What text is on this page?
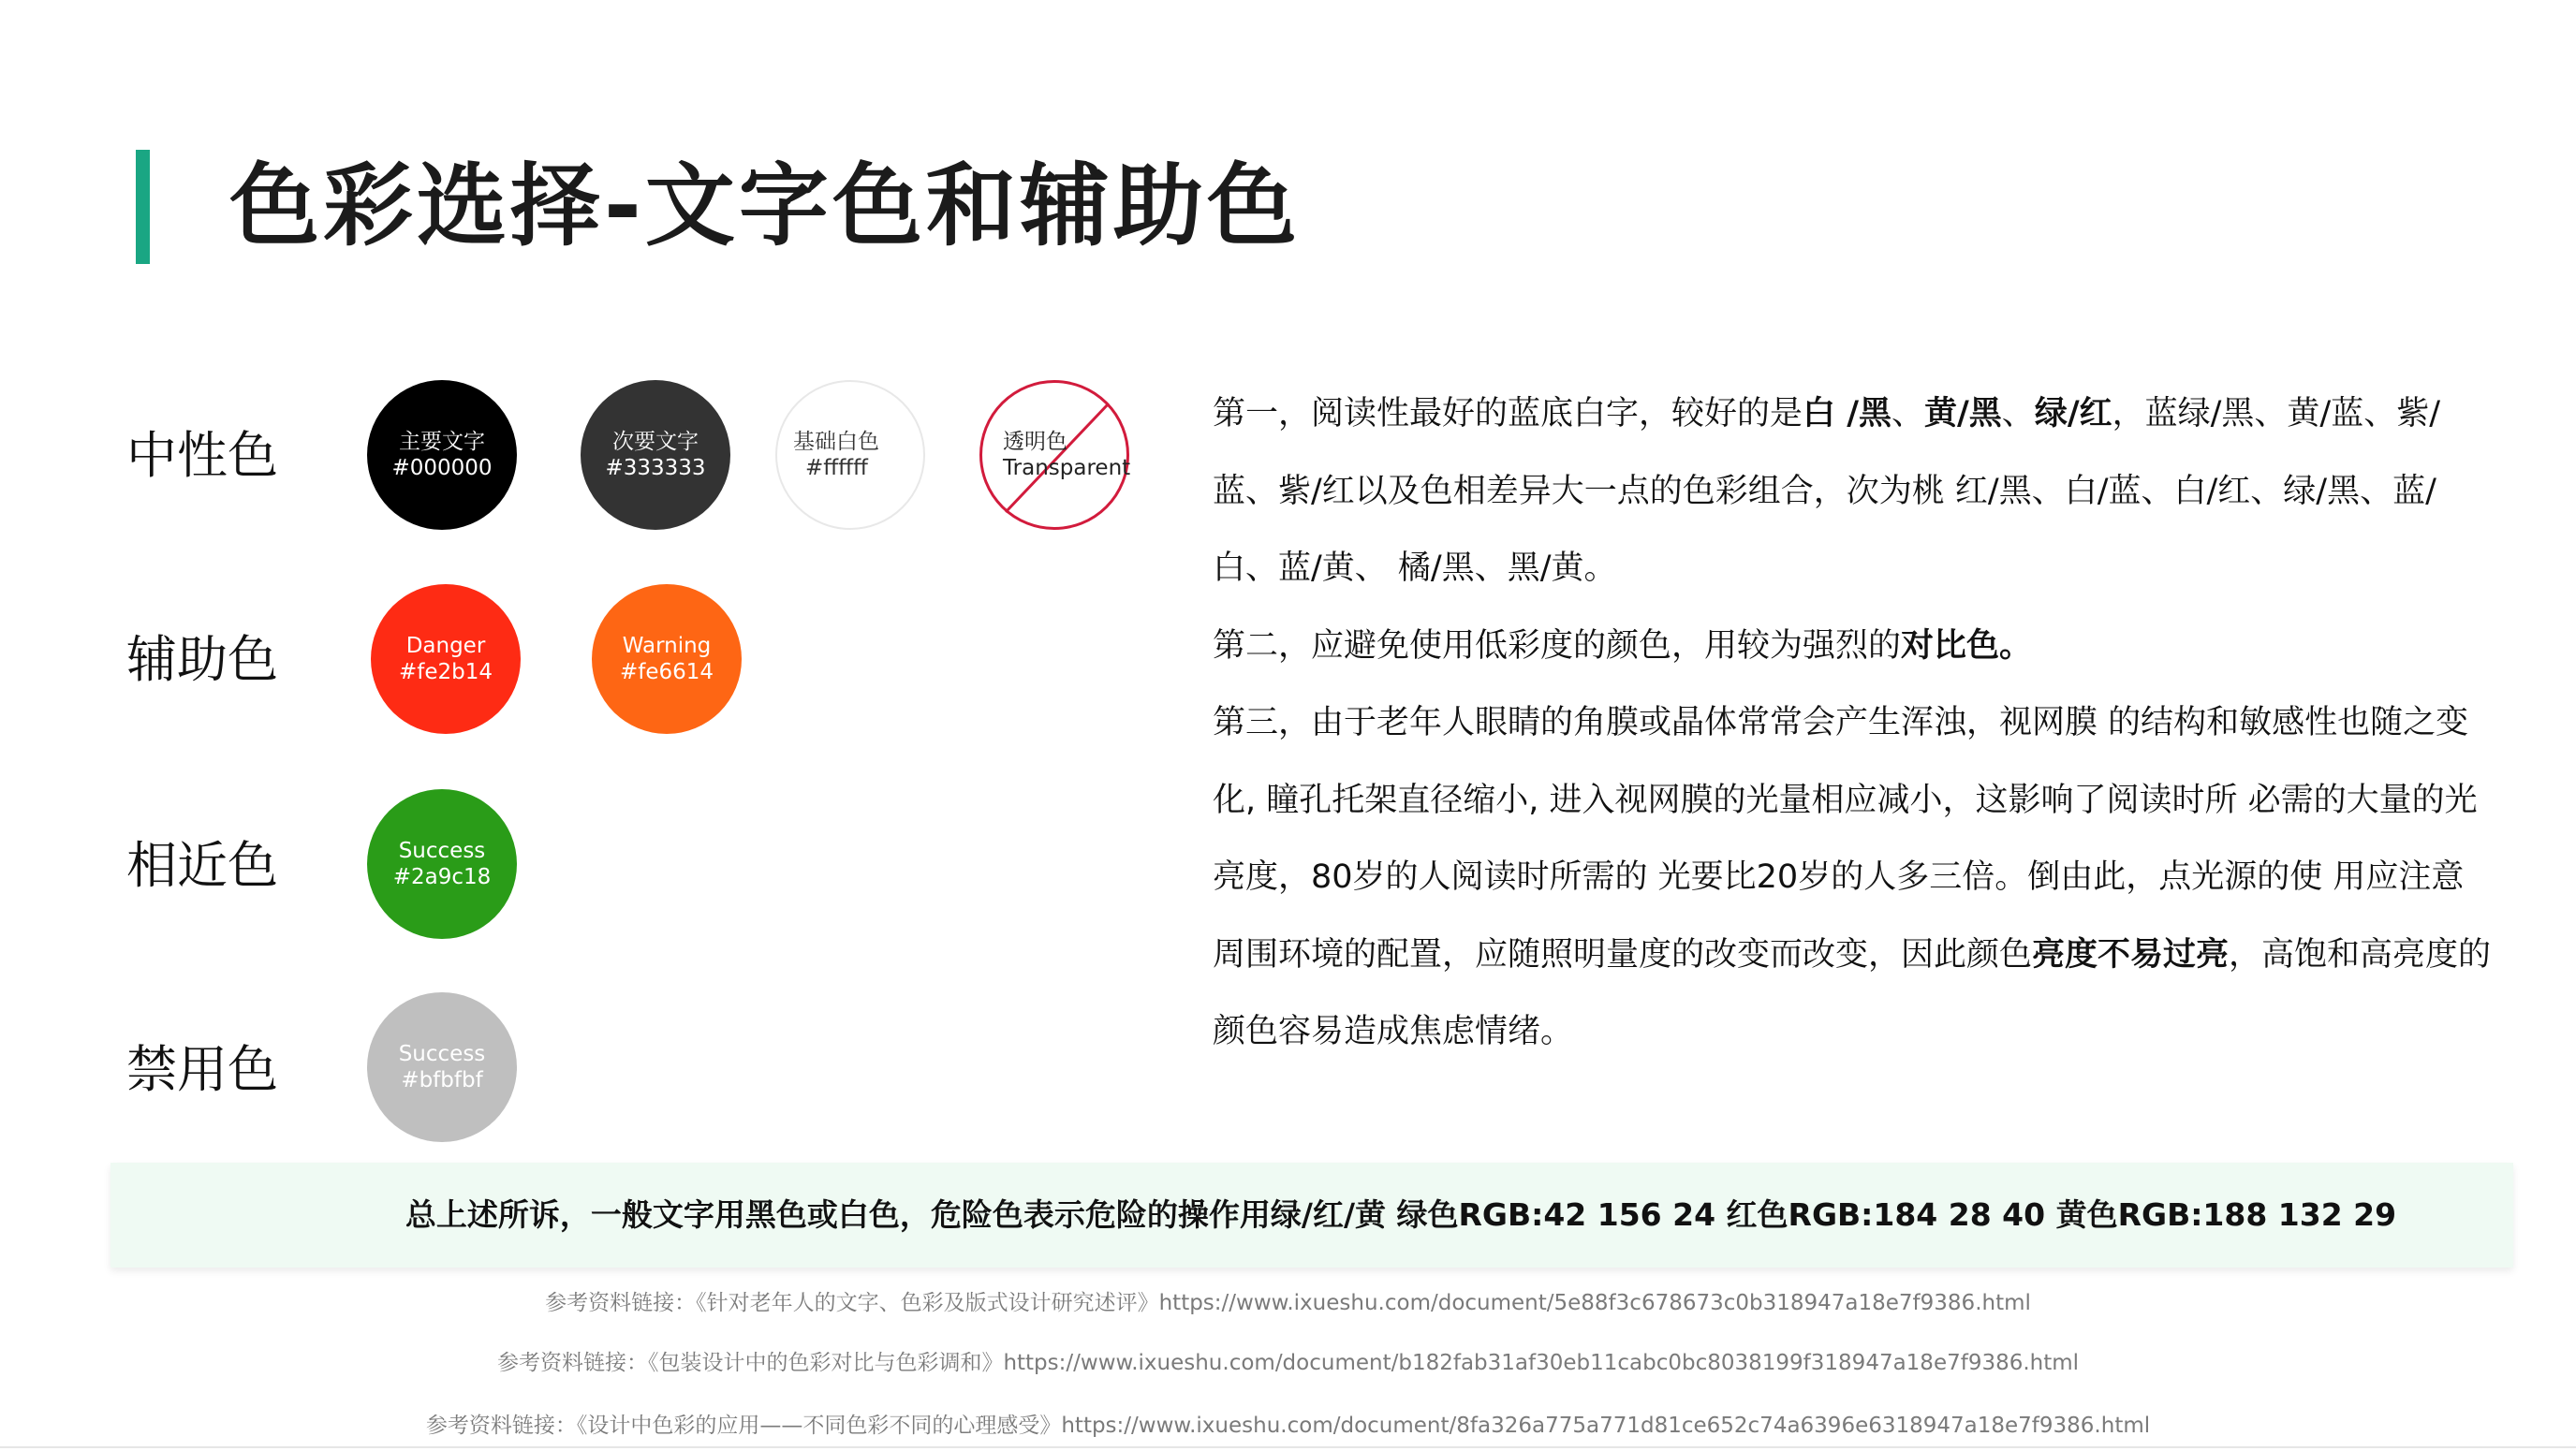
色彩选择-文字色和辅助色
中性色
辅助色
相近色
禁用色
主要文字
#000000
次要文字
#333333
基础白色
#ffffff
透明色
Transparent
Danger
#fe2b14
Warning
#fe6614
Success
#2a9c18
Success
#bfbfbf

第一，阅读性最好的蓝底白字，较好的是白 /黑、黄/黑、绿/红，蓝绿/黑、黄/蓝、紫/蓝、紫/红以及色相差异大一点的色彩组合，次为桃 红/黑、白/蓝、白/红、绿/黑、蓝/白、蓝/黄、 橘/黑、黑/黄。

第二，应避免使用低彩度的颜色，用较为强烈的对比色。

第三，由于老年人眼睛的角膜或晶体常常会产生浑浊，视网膜 的结构和敏感性也随之变化, 瞳孔托架直径缩小, 进入视网膜的光量相应减小，这影响了阅读时所 必需的大量的光亮度，80岁的人阅读时所需的 光要比20岁的人多三倍。倒由此，点光源的使 用应注意周围环境的配置，应随照明量度的改变而改变，因此颜色亮度不易过亮，高饱和高亮度的颜色容易造成焦虑情绪。

总上述所诉，一般文字用黑色或白色，危险色表示危险的操作用绿/红/黄 绿色RGB:42 156 24 红色RGB:184 28 40 黄色RGB:188 132 29
参考资料链接：《针对老年人的文字、色彩及版式设计研究述评》https://www.ixueshu.com/document/5e88f3c678673c0b318947a18e7f9386.html
参考资料链接：《包装设计中的色彩对比与色彩调和》https://www.ixueshu.com/document/b182fab31af30eb11cabc0bc8038199f318947a18e7f9386.html
参考资料链接：《设计中色彩的应用——不同色彩不同的心理感受》https://www.ixueshu.com/document/8fa326a775a771d81ce652c74a6396e6318947a18e7f9386.html
